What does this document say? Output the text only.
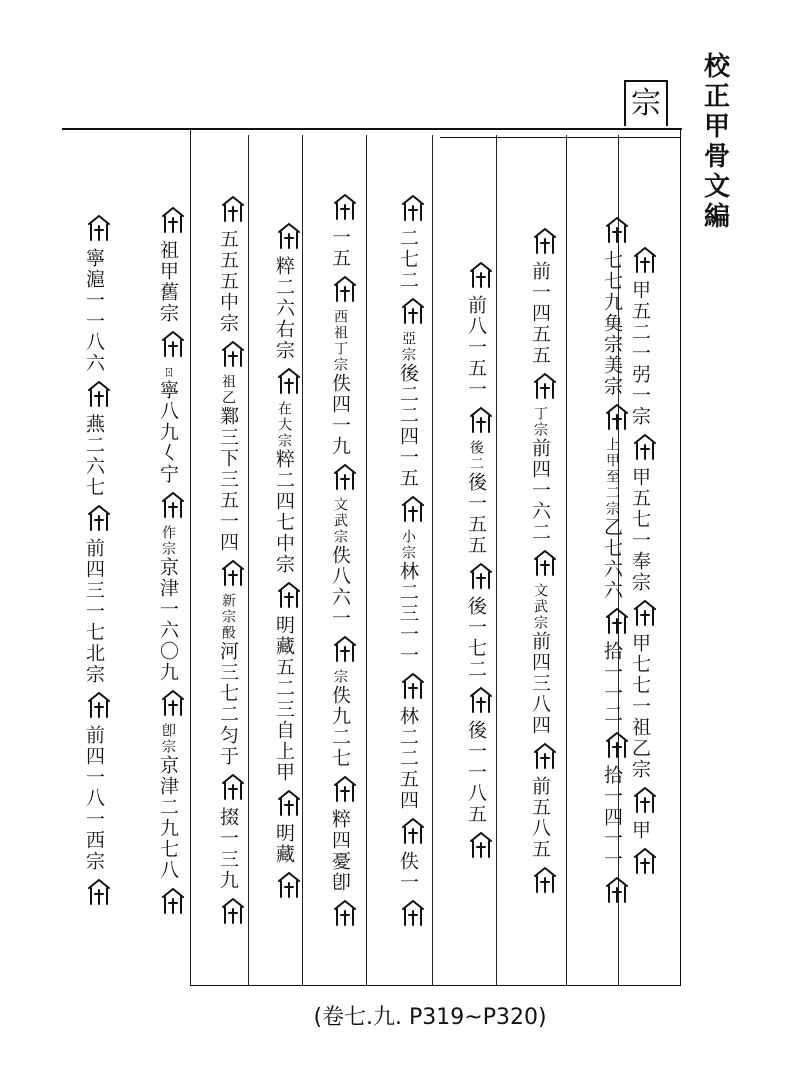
校
正
甲
骨
文
編
宗
甲五二一弜一宗甲五七一奉宗甲七七一祖乙宗甲
七七九𩵋宗美宗上甲至二宗乙七六六拾一一二拾一四一一
前一四五五丁宗前四一六二文武宗前四三八四前五八五
前八一五一後二後一五五後一七二後一一八五
二七二亞宗後二二四一五小宗林二三一一林二二五四佚一
一五西祖丁宗佚四一九文武宗佚八六一宗佚九二七粹四憂卽
粹二六右宗在大宗粹二四七中宗明藏五二三自上甲明藏
五五五中宗祖乙鄴三下三五一四新宗酘河三七二匀于掇一三九
祖甲舊宗ㄖ寧八九𡿨宁作宗京津一六〇九卽宗京津二九七八
寧滬一一八六燕二六七前四三一七北宗前四一八一西宗
(卷七.九. P319~P320)
